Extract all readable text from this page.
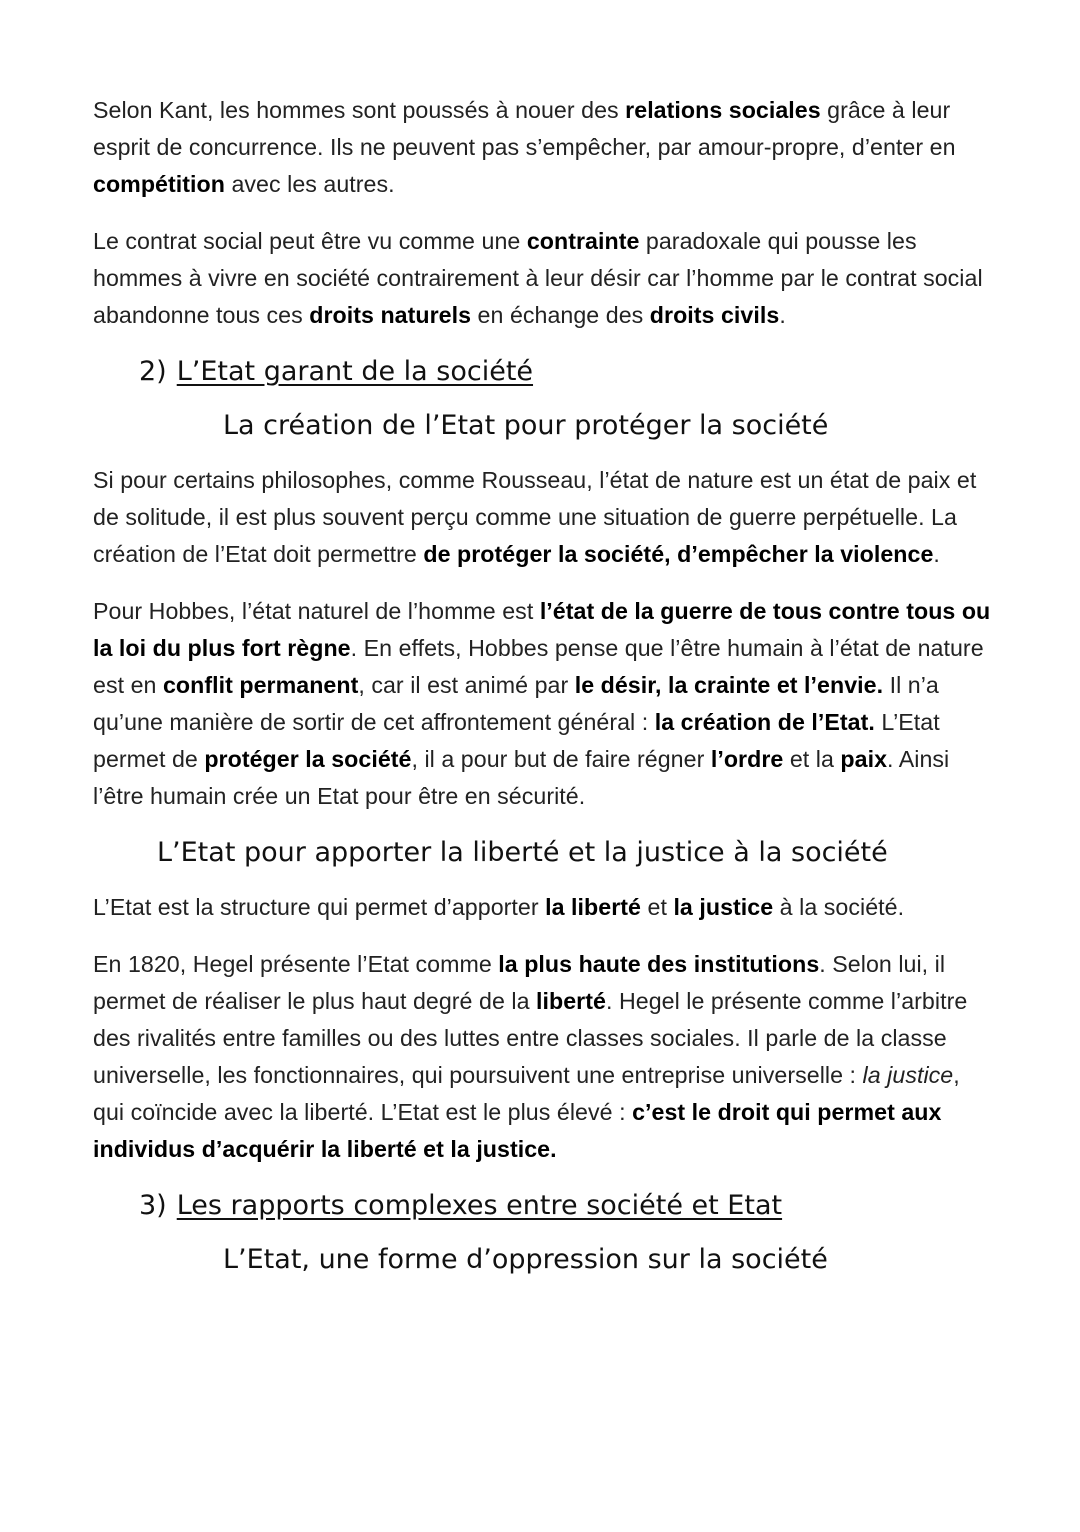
Selon Kant, les hommes sont poussés à nouer des relations sociales grâce à leur esprit de concurrence. Ils ne peuvent pas s’empêcher, par amour-propre, d’enter en compétition avec les autres.

Le contrat social peut être vu comme une contrainte paradoxale qui pousse les hommes à vivre en société contrairement à leur désir car l’homme par le contrat social abandonne tous ces droits naturels en échange des droits civils.

2) L’Etat garant de la société
La création de l’Etat pour protéger la société

Si pour certains philosophes, comme Rousseau, l’état de nature est un état de paix et de solitude, il est plus souvent perçu comme une situation de guerre perpétuelle. La création de l’Etat doit permettre de protéger la société, d’empêcher la violence.

Pour Hobbes, l’état naturel de l’homme est l’état de la guerre de tous contre tous ou la loi du plus fort règne. En effets, Hobbes pense que l’être humain à l’état de nature est en conflit permanent, car il est animé par le désir, la crainte et l’envie. Il n’a qu’une manière de sortir de cet affrontement général : la création de l’Etat. L’Etat permet de protéger la société, il a pour but de faire régner l’ordre et la paix. Ainsi l’être humain crée un Etat pour être en sécurité.

L’Etat pour apporter la liberté et la justice à la société

L’Etat est la structure qui permet d’apporter la liberté et la justice à la société.

En 1820, Hegel présente l’Etat comme la plus haute des institutions. Selon lui, il permet de réaliser le plus haut degré de la liberté. Hegel le présente comme l’arbitre des rivalités entre familles ou des luttes entre classes sociales. Il parle de la classe universelle, les fonctionnaires, qui poursuivent une entreprise universelle : la justice, qui coïncide avec la liberté. L’Etat est le plus élevé : c’est le droit qui permet aux individus d’acquérir la liberté et la justice.

3) Les rapports complexes entre société et Etat
L’Etat, une forme d’oppression sur la société
